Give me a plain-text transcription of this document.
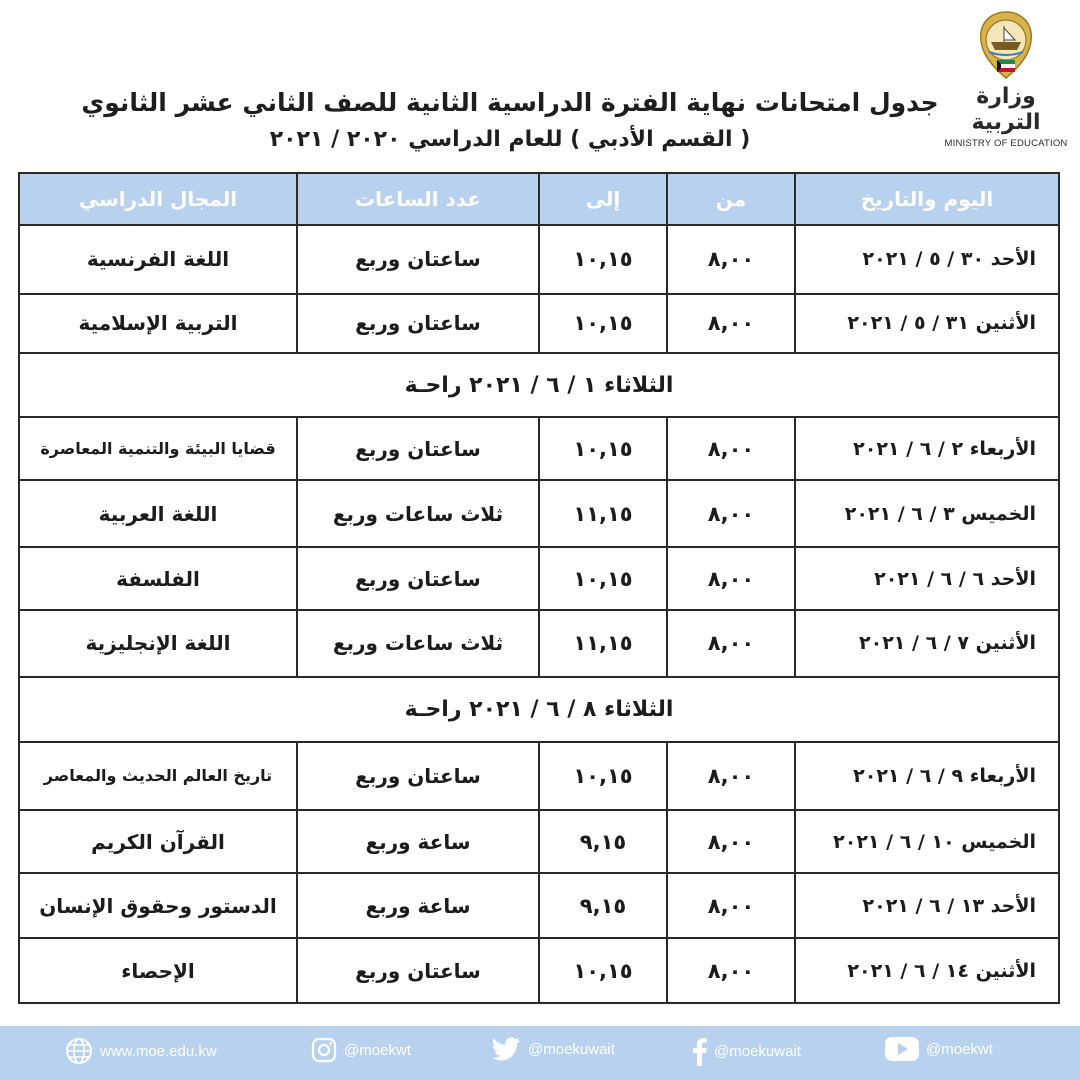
وزارة التربية
MINISTRY OF EDUCATION
جدول امتحانات نهاية الفترة الدراسية الثانية للصف الثاني عشر الثانوي
( القسم الأدبي ) للعام الدراسي ٢٠٢٠ / ٢٠٢١
اليوم والتاريخ	من	إلى	عدد الساعات	المجال الدراسي
الأحد ٣٠ / ٥ / ٢٠٢١	٨,٠٠	١٠,١٥	ساعتان وربع	اللغة الفرنسية
الأثنين ٣١ / ٥ / ٢٠٢١	٨,٠٠	١٠,١٥	ساعتان وربع	التربية الإسلامية
الثلاثاء ١ / ٦ / ٢٠٢١ راحـة				
الأربعاء ٢ / ٦ / ٢٠٢١	٨,٠٠	١٠,١٥	ساعتان وربع	قضايا البيئة والتنمية المعاصرة
الخميس ٣ / ٦ / ٢٠٢١	٨,٠٠	١١,١٥	ثلاث ساعات وربع	اللغة العربية
الأحد ٦ / ٦ / ٢٠٢١	٨,٠٠	١٠,١٥	ساعتان وربع	الفلسفة
الأثنين ٧ / ٦ / ٢٠٢١	٨,٠٠	١١,١٥	ثلاث ساعات وربع	اللغة الإنجليزية
الثلاثاء ٨ / ٦ / ٢٠٢١ راحـة				
الأربعاء ٩ / ٦ / ٢٠٢١	٨,٠٠	١٠,١٥	ساعتان وربع	تاريخ العالم الحديث والمعاصر
الخميس ١٠ / ٦ / ٢٠٢١	٨,٠٠	٩,١٥	ساعة وربع	القرآن الكريم
الأحد ١٣ / ٦ / ٢٠٢١	٨,٠٠	٩,١٥	ساعة وربع	الدستور وحقوق الإنسان
الأثنين ١٤ / ٦ / ٢٠٢١	٨,٠٠	١٠,١٥	ساعتان وربع	الإحصاء
www.moe.edu.kw	@moekwt	@moekuwait	@moekuwait	@moekwt
